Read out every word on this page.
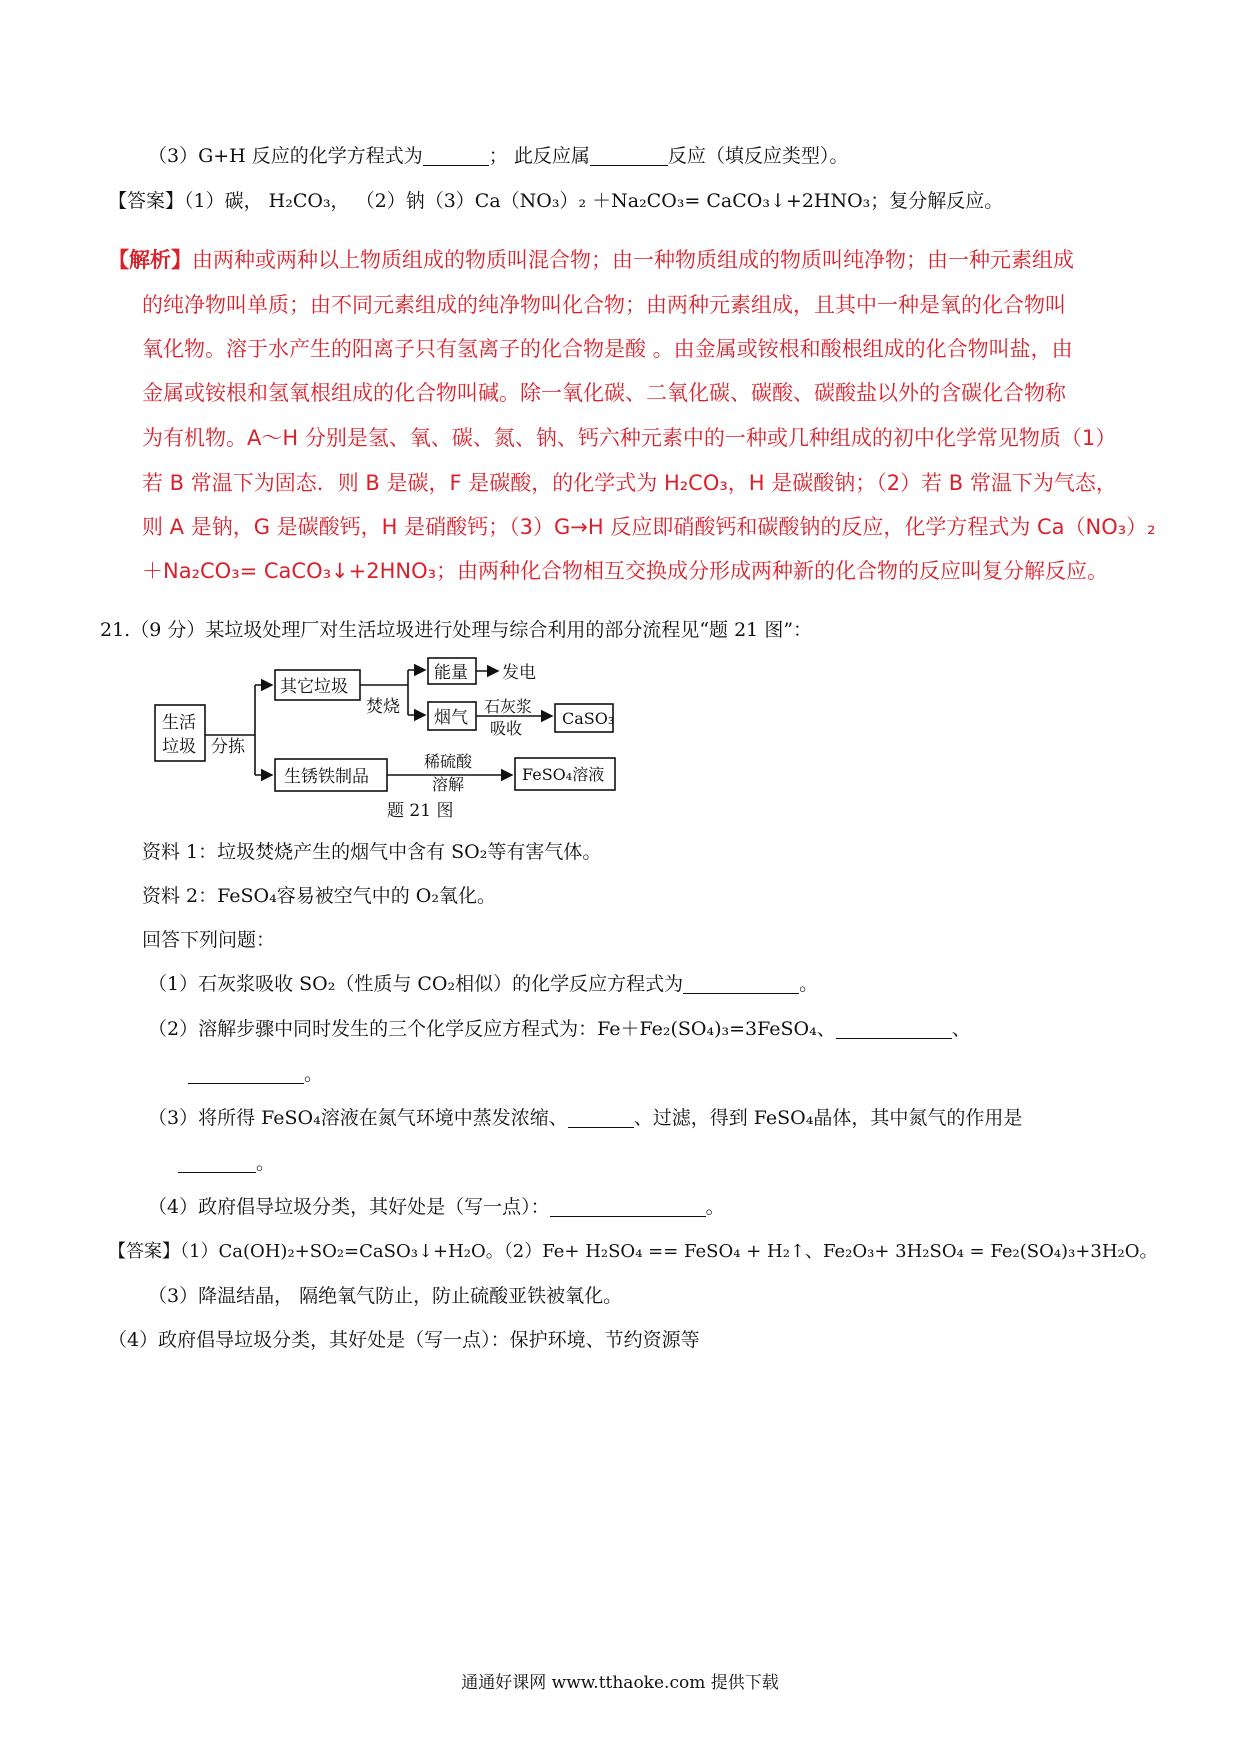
（3）G+H 反应的化学方程式为	； 此反应属	反应（填反应类型）。
【答案】（1）碳， H₂CO₃， （2）钠（3）Ca（NO₃）₂ ＋Na₂CO₃= CaCO₃↓+2HNO₃；复分解反应。
【解析】由两种或两种以上物质组成的物质叫混合物；由一种物质组成的物质叫纯净物；由一种元素组成
的纯净物叫单质；由不同元素组成的纯净物叫化合物；由两种元素组成，且其中一种是氧的化合物叫
氧化物。溶于水产生的阳离子只有氢离子的化合物是酸 。由金属或铵根和酸根组成的化合物叫盐，由
金属或铵根和氢氧根组成的化合物叫碱。除一氧化碳、二氧化碳、碳酸、碳酸盐以外的含碳化合物称
为有机物。A～H 分别是氢、氧、碳、氮、钠、钙六种元素中的一种或几种组成的初中化学常见物质（1）
若 B 常温下为固态．则 B 是碳，F 是碳酸，的化学式为 H₂CO₃，H 是碳酸钠；（2）若 B 常温下为气态，
则 A 是钠，G 是碳酸钙，H 是硝酸钙；（3）G→H 反应即硝酸钙和碳酸钠的反应，化学方程式为 Ca（NO₃）₂
＋Na₂CO₃= CaCO₃↓+2HNO₃；由两种化合物相互交换成分形成两种新的化合物的反应叫复分解反应。
21.（9 分）某垃圾处理厂对生活垃圾进行处理与综合利用的部分流程见“题 21 图”：
生活
垃圾 分拣
其它垃圾
焚烧
能量 发电
烟气
石灰浆
吸收
CaSO₃
生锈铁制品
稀硫酸
溶解
FeSO₄溶液
题 21 图
资料 1：垃圾焚烧产生的烟气中含有 SO₂等有害气体。
资料 2：FeSO₄容易被空气中的 O₂氧化。
回答下列问题：
（1）石灰浆吸收 SO₂（性质与 CO₂相似）的化学反应方程式为	。
（2）溶解步骤中同时发生的三个化学反应方程式为：Fe＋Fe₂(SO₄)₃=3FeSO₄、	、
。
（3）将所得 FeSO₄溶液在氮气环境中蒸发浓缩、	、过滤，得到 FeSO₄晶体，其中氮气的作用是
。
（4）政府倡导垃圾分类，其好处是（写一点）：	。
【答案】（1）Ca(OH)₂+SO₂=CaSO₃↓+H₂O。（2）Fe+ H₂SO₄ == FeSO₄ + H₂↑、Fe₂O₃+ 3H₂SO₄ = Fe₂(SO₄)₃+3H₂O。
（3）降温结晶， 隔绝氧气防止，防止硫酸亚铁被氧化。
（4）政府倡导垃圾分类，其好处是（写一点）：保护环境、节约资源等
通通好课网 www.tthaoke.com 提供下载
